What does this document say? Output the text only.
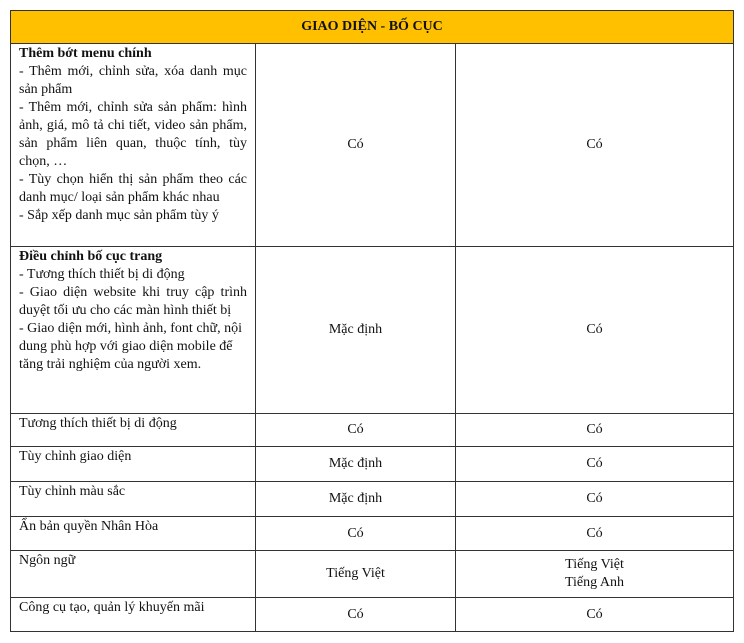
GIAO DIỆN - BỐ CỤC		

Thêm bớt menu chính
- Thêm mới, chỉnh sửa, xóa danh mục sản phẩm
- Thêm mới, chỉnh sửa sản phẩm: hình ảnh, giá, mô tả chi tiết, video sản phẩm, sản phẩm liên quan, thuộc tính, tùy chọn, …
- Tùy chọn hiển thị sản phẩm theo các danh mục/ loại sản phẩm khác nhau
- Sắp xếp danh mục sản phẩm tùy ý	Có	Có

Điều chỉnh bố cục trang
- Tương thích thiết bị di động
- Giao diện website khi truy cập trình duyệt tối ưu cho các màn hình thiết bị
- Giao diện mới, hình ảnh, font chữ, nội dung phù hợp với giao diện mobile để tăng trải nghiệm của người xem.	Mặc định	Có
Tương thích thiết bị di động	Có	Có
Tùy chỉnh giao diện	Mặc định	Có
Tùy chỉnh màu sắc	Mặc định	Có
Ẩn bản quyền Nhân Hòa	Có	Có
Ngôn ngữ	Tiếng Việt	Tiếng Việt
Tiếng Anh

Công cụ tạo, quản lý khuyến mãi	Có	Có
